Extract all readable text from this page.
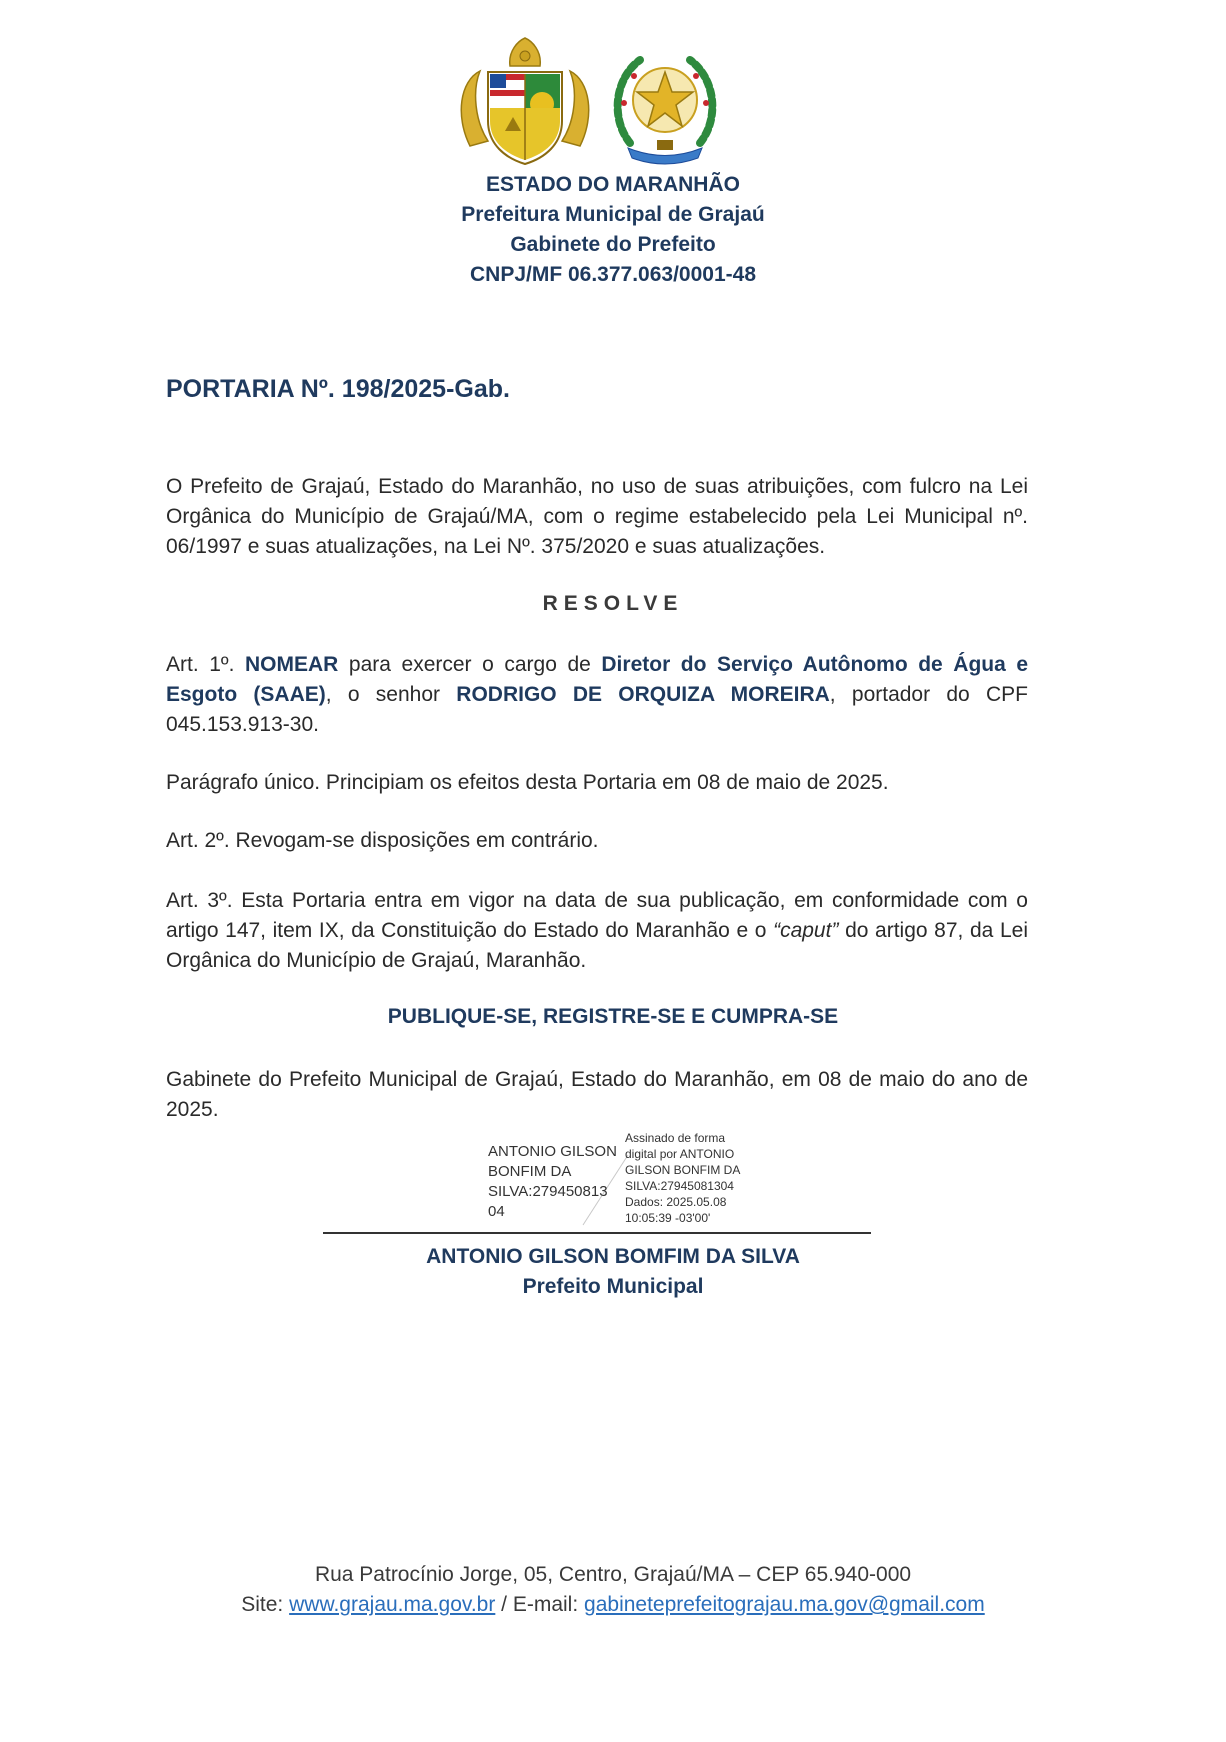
ESTADO DO MARANHÃO
Prefeitura Municipal de Grajaú
Gabinete do Prefeito
CNPJ/MF 06.377.063/0001-48
PORTARIA Nº. 198/2025-Gab.
O Prefeito de Grajaú, Estado do Maranhão, no uso de suas atribuições, com fulcro na Lei Orgânica do Município de Grajaú/MA, com o regime estabelecido pela Lei Municipal nº. 06/1997 e suas atualizações, na Lei Nº. 375/2020 e suas atualizações.
RESOLVE
Art. 1º. NOMEAR para exercer o cargo de Diretor do Serviço Autônomo de Água e Esgoto (SAAE), o senhor RODRIGO DE ORQUIZA MOREIRA, portador do CPF 045.153.913-30.
Parágrafo único. Principiam os efeitos desta Portaria em 08 de maio de 2025.
Art. 2º. Revogam-se disposições em contrário.
Art. 3º. Esta Portaria entra em vigor na data de sua publicação, em conformidade com o artigo 147, item IX, da Constituição do Estado do Maranhão e o “caput” do artigo 87, da Lei Orgânica do Município de Grajaú, Maranhão.
PUBLIQUE-SE, REGISTRE-SE E CUMPRA-SE
Gabinete do Prefeito Municipal de Grajaú, Estado do Maranhão, em 08 de maio do ano de 2025.
ANTONIO GILSON
BONFIM DA
SILVA:279450813
04
Assinado de forma
digital por ANTONIO
GILSON BONFIM DA
SILVA:27945081304
Dados: 2025.05.08
10:05:39 -03'00'
ANTONIO GILSON BOMFIM DA SILVA
Prefeito Municipal
Rua Patrocínio Jorge, 05, Centro, Grajaú/MA – CEP 65.940-000
Site: www.grajau.ma.gov.br / E-mail: gabineteprefeitograjau.ma.gov@gmail.com
